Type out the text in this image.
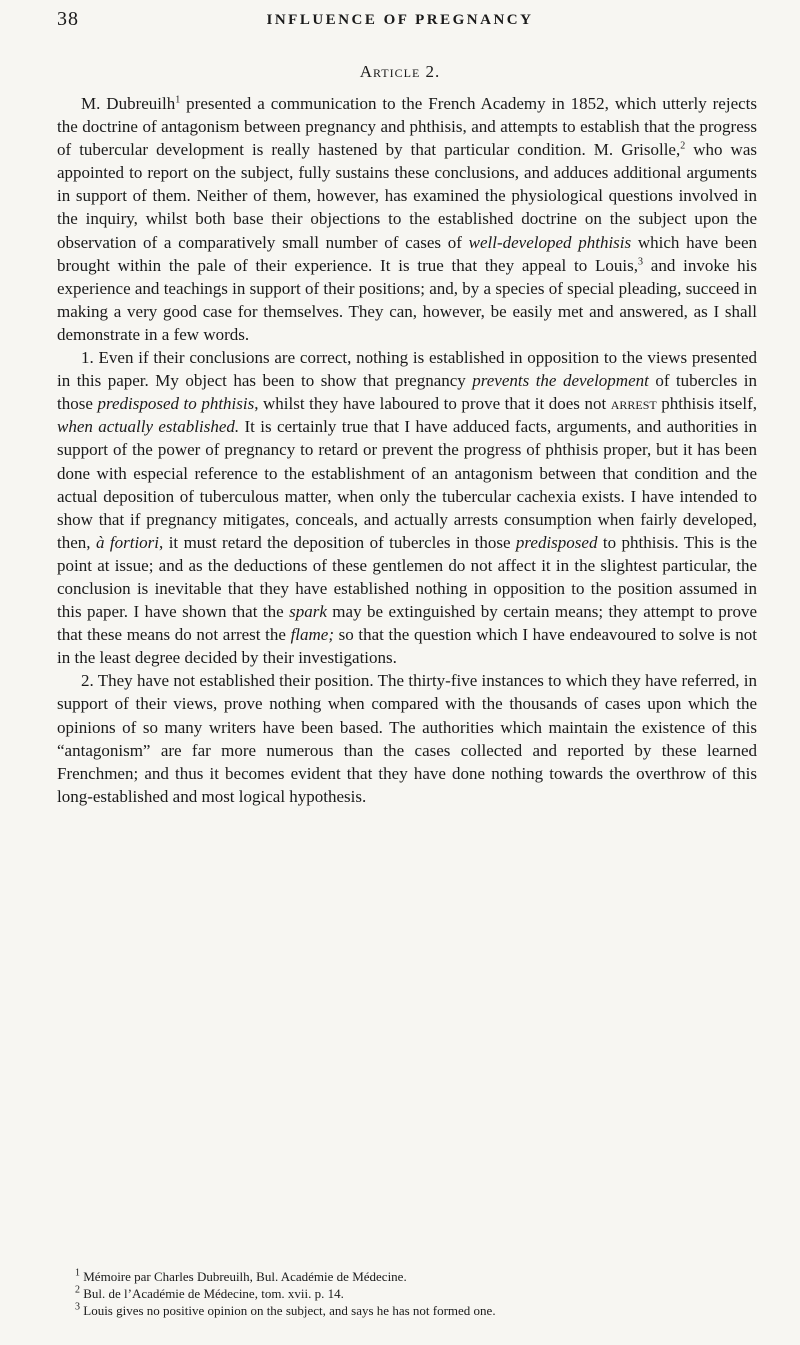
38	INFLUENCE OF PREGNANCY
Article 2.

M. Dubreuilh$^1$ presented a communication to the French Academy in 1852, which utterly rejects the doctrine of antagonism between pregnancy and phthisis, and attempts to establish that the progress of tubercular development is really hastened by that particular condition. M. Grisolle,$^2$ who was appointed to report on the subject, fully sustains these conclusions, and adduces additional arguments in support of them. Neither of them, however, has examined the physiological questions involved in the inquiry, whilst both base their objections to the established doctrine on the subject upon the observation of a comparatively small number of cases of well-developed phthisis which have been brought within the pale of their experience. It is true that they appeal to Louis,$^3$ and invoke his experience and teachings in support of their positions; and, by a species of special pleading, succeed in making a very good case for themselves. They can, however, be easily met and answered, as I shall demonstrate in a few words.

1. Even if their conclusions are correct, nothing is established in opposition to the views presented in this paper. My object has been to show that pregnancy prevents the development of tubercles in those predisposed to phthisis, whilst they have laboured to prove that it does not arrest phthisis itself, when actually established. It is certainly true that I have adduced facts, arguments, and authorities in support of the power of pregnancy to retard or prevent the progress of phthisis proper, but it has been done with especial reference to the establishment of an antagonism between that condition and the actual deposition of tuberculous matter, when only the tubercular cachexia exists. I have intended to show that if pregnancy mitigates, conceals, and actually arrests consumption when fairly developed, then, à fortiori, it must retard the deposition of tubercles in those predisposed to phthisis. This is the point at issue; and as the deductions of these gentlemen do not affect it in the slightest particular, the conclusion is inevitable that they have established nothing in opposition to the position assumed in this paper. I have shown that the spark may be extinguished by certain means; they attempt to prove that these means do not arrest the flame; so that the question which I have endeavoured to solve is not in the least degree decided by their investigations.

2. They have not established their position. The thirty-five instances to which they have referred, in support of their views, prove nothing when compared with the thousands of cases upon which the opinions of so many writers have been based. The authorities which maintain the existence of this “antagonism” are far more numerous than the cases collected and reported by these learned Frenchmen; and thus it becomes evident that they have done nothing towards the overthrow of this long-established and most logical hypothesis.

$^1$ Mémoire par Charles Dubreuilh, Bul. Académie de Médecine.
$^2$ Bul. de l’Académie de Médecine, tom. xvii. p. 14.
$^3$ Louis gives no positive opinion on the subject, and says he has not formed one.
